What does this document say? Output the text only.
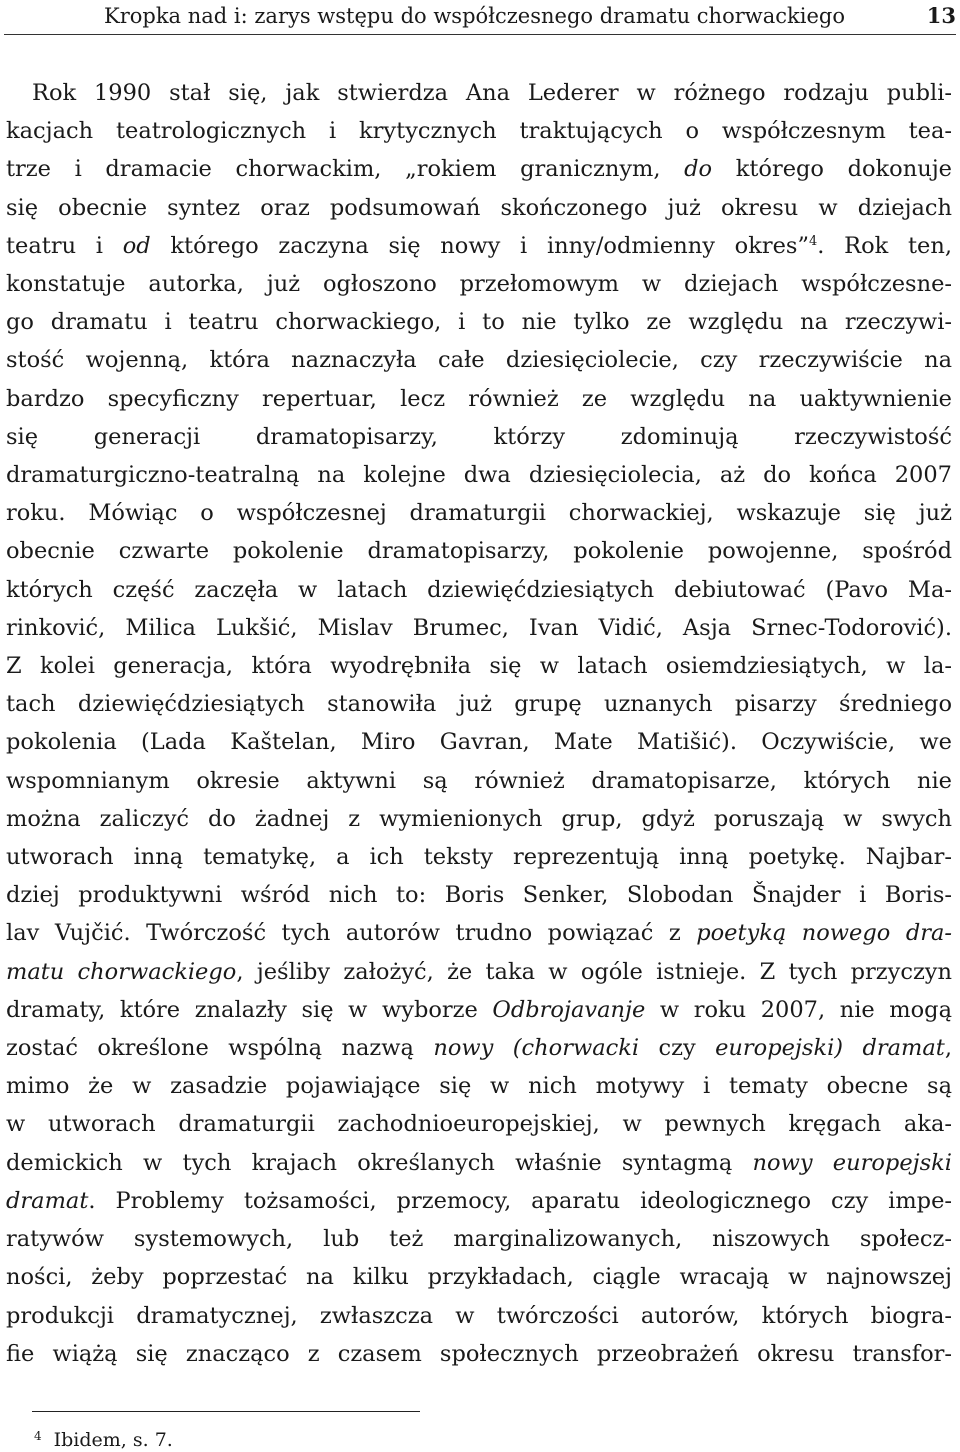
Kropka nad i: zarys wstępu do współczesnego dramatu chorwackiego	13
Rok 1990 stał się, jak stwierdza Ana Lederer w różnego rodzaju publi-
kacjach teatrologicznych i krytycznych traktujących o współczesnym tea-
trze i dramacie chorwackim, „rokiem granicznym, do którego dokonuje
się obecnie syntez oraz podsumowań skończonego już okresu w dziejach
teatru i od którego zaczyna się nowy i inny/odmienny okres”$^4$. Rok ten,
konstatuje autorka, już ogłoszono przełomowym w dziejach współczesne-
go dramatu i teatru chorwackiego, i to nie tylko ze względu na rzeczywi-
stość wojenną, która naznaczyła całe dziesięciolecie, czy rzeczywiście na
bardzo specyficzny repertuar, lecz również ze względu na uaktywnienie
się generacji dramatopisarzy, którzy zdominują rzeczywistość
dramaturgiczno-teatralną na kolejne dwa dziesięciolecia, aż do końca 2007
roku. Mówiąc o współczesnej dramaturgii chorwackiej, wskazuje się już
obecnie czwarte pokolenie dramatopisarzy, pokolenie powojenne, spośród
których część zaczęła w latach dziewięćdziesiątych debiutować (Pavo Ma-
rinković, Milica Lukšić, Mislav Brumec, Ivan Vidić, Asja Srnec-Todorović).
Z kolei generacja, która wyodrębniła się w latach osiemdziesiątych, w la-
tach dziewięćdziesiątych stanowiła już grupę uznanych pisarzy średniego
pokolenia (Lada Kaštelan, Miro Gavran, Mate Matišić). Oczywiście, we
wspomnianym okresie aktywni są również dramatopisarze, których nie
można zaliczyć do żadnej z wymienionych grup, gdyż poruszają w swych
utworach inną tematykę, a ich teksty reprezentują inną poetykę. Najbar-
dziej produktywni wśród nich to: Boris Senker, Slobodan Šnajder i Boris-
lav Vujčić. Twórczość tych autorów trudno powiązać z poetyką nowego dra-
matu chorwackiego, jeśliby założyć, że taka w ogóle istnieje. Z tych przyczyn
dramaty, które znalazły się w wyborze Odbrojavanje w roku 2007, nie mogą
zostać określone wspólną nazwą nowy (chorwacki czy europejski) dramat,
mimo że w zasadzie pojawiające się w nich motywy i tematy obecne są
w utworach dramaturgii zachodnioeuropejskiej, w pewnych kręgach aka-
demickich w tych krajach określanych właśnie syntagmą nowy europejski
dramat. Problemy tożsamości, przemocy, aparatu ideologicznego czy impe-
ratywów systemowych, lub też marginalizowanych, niszowych społecz-
ności, żeby poprzestać na kilku przykładach, ciągle wracają w najnowszej
produkcji dramatycznej, zwłaszcza w twórczości autorów, których biogra-
fie wiążą się znacząco z czasem społecznych przeobrażeń okresu transfor-
$^4$ Ibidem, s. 7.
